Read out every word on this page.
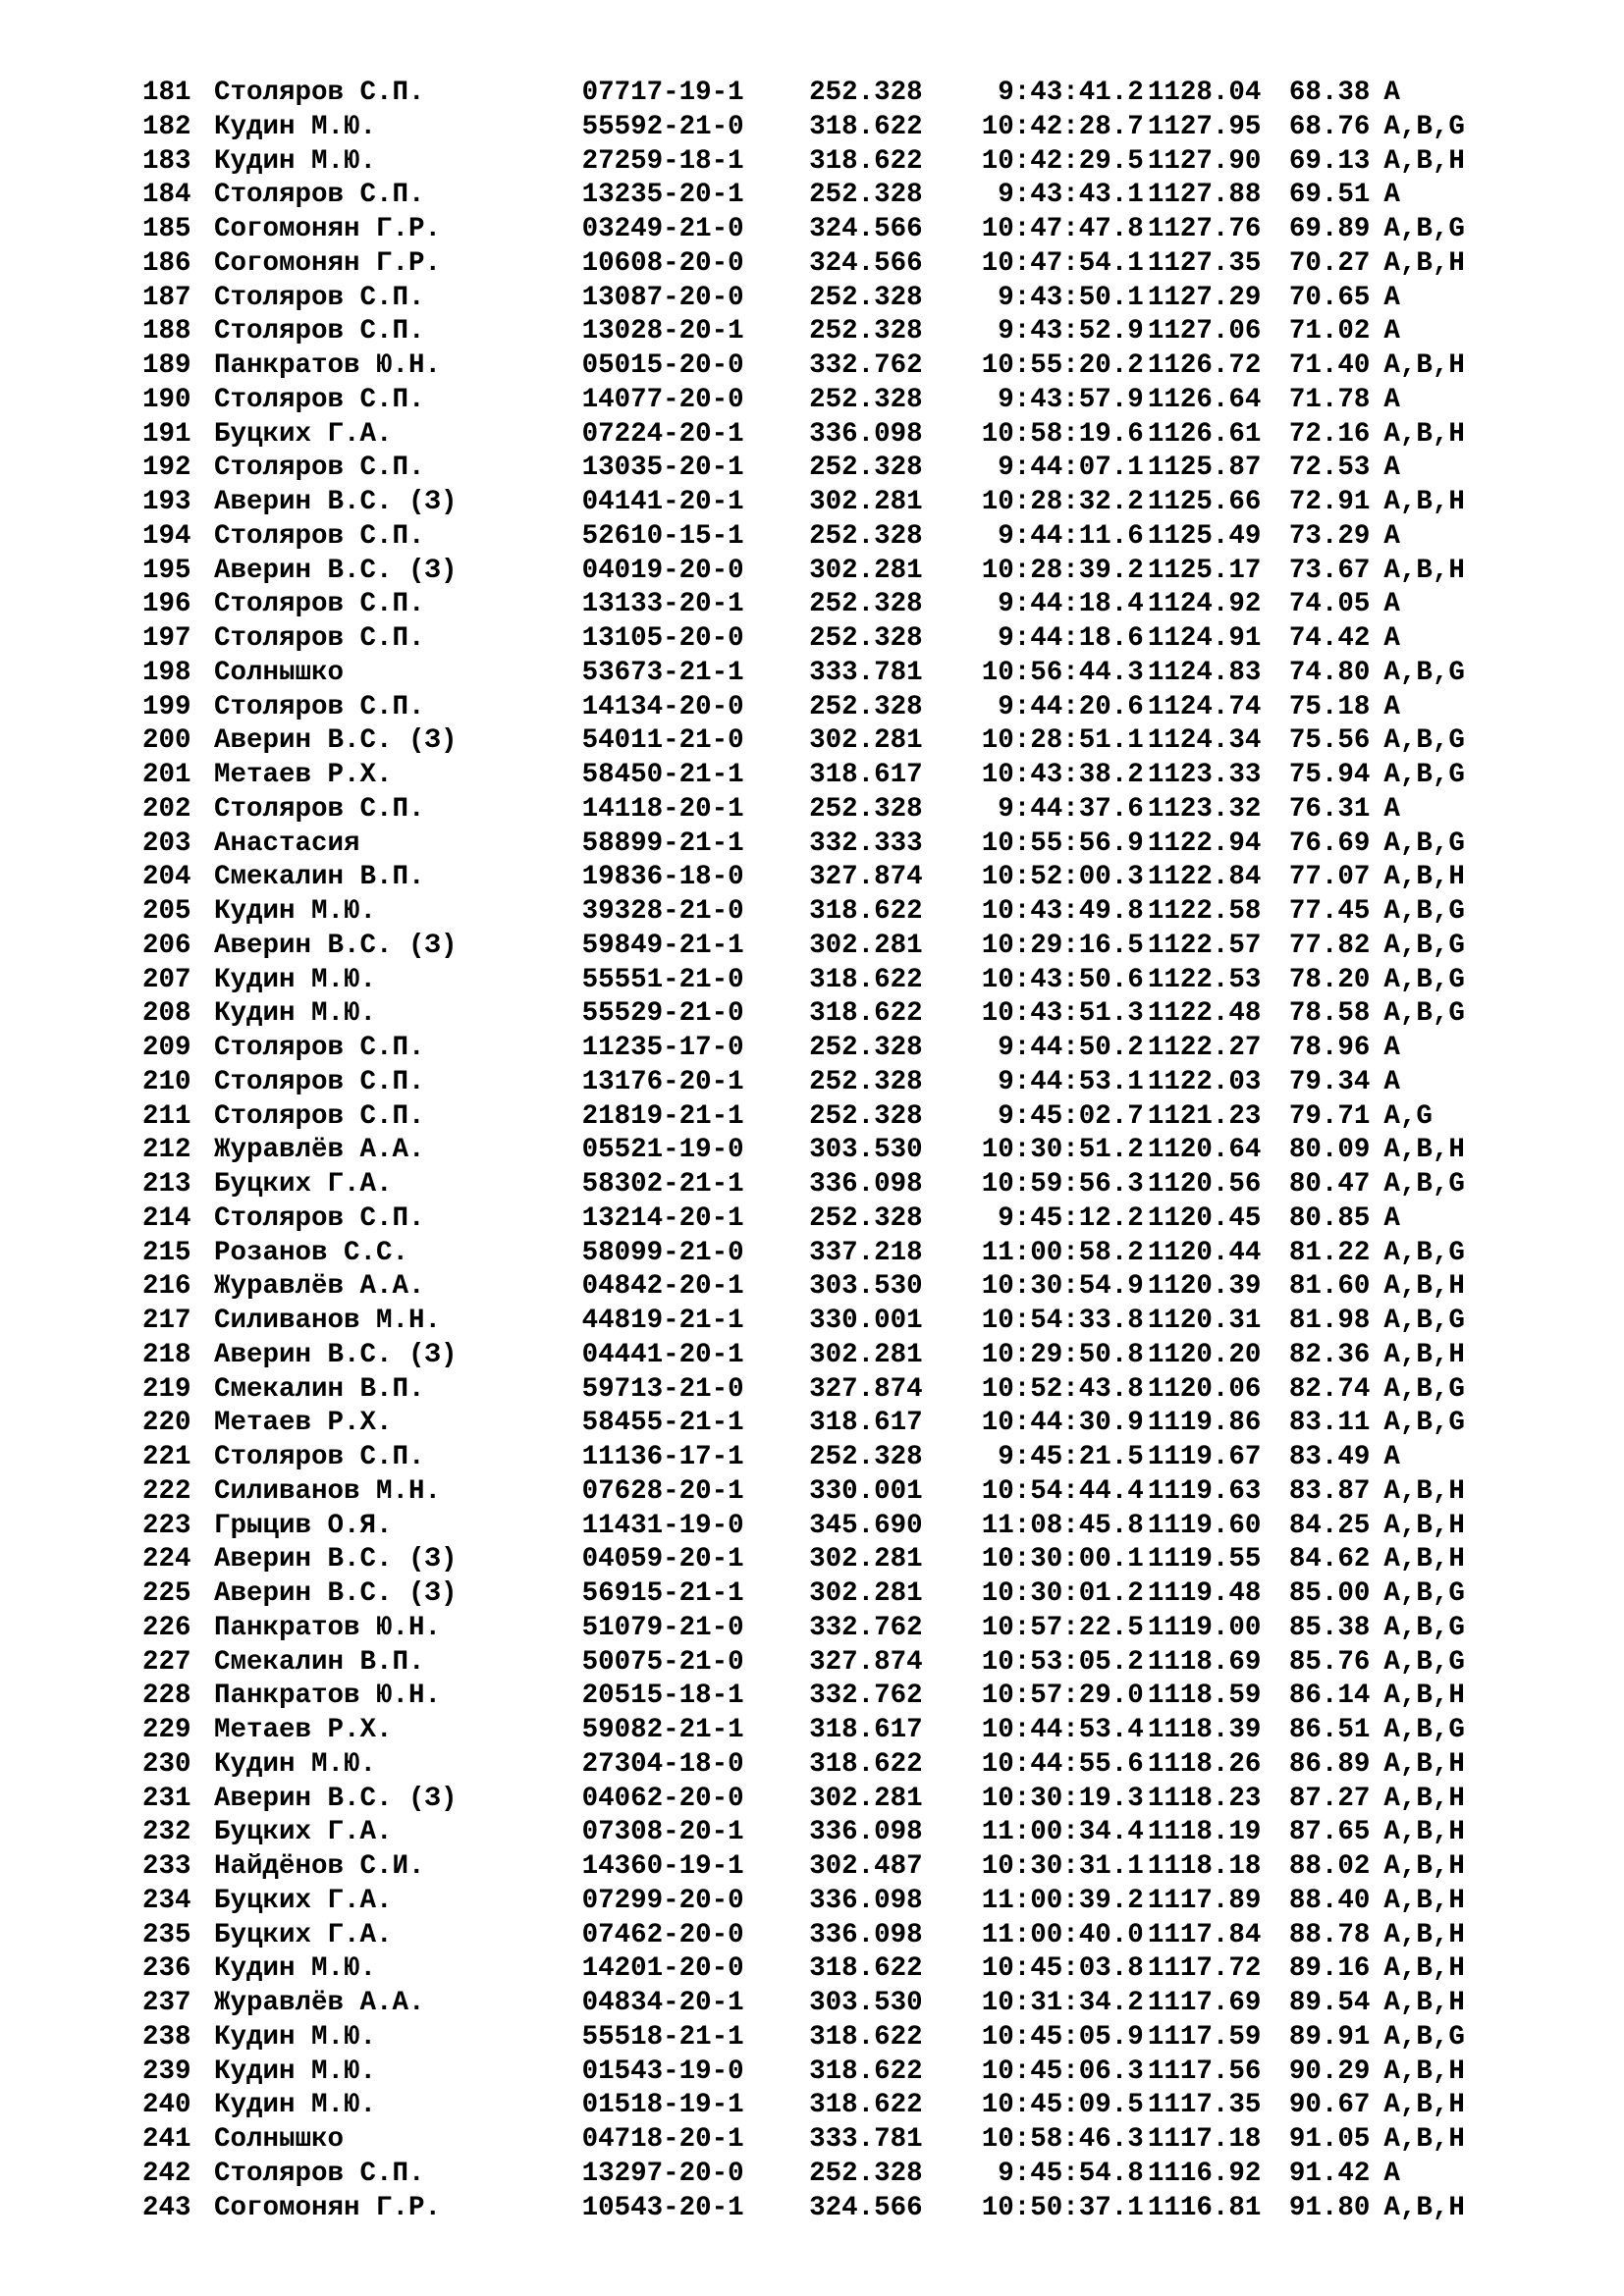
181 Столяров С.П.	07717-19-1	252.328	9:43:41.2 1128.04	68.38 A
182 Кудин М.Ю.	55592-21-0	318.622	10:42:28.7 1127.95	68.76 A,B,G
183 Кудин М.Ю.	27259-18-1	318.622	10:42:29.5 1127.90	69.13 A,B,H
184 Столяров С.П.	13235-20-1	252.328	9:43:43.1 1127.88	69.51 A
185 Согомонян Г.Р.	03249-21-0	324.566	10:47:47.8 1127.76	69.89 A,B,G
186 Согомонян Г.Р.	10608-20-0	324.566	10:47:54.1 1127.35	70.27 A,B,H
187 Столяров С.П.	13087-20-0	252.328	9:43:50.1 1127.29	70.65 A
188 Столяров С.П.	13028-20-1	252.328	9:43:52.9 1127.06	71.02 A
189 Панкратов Ю.Н.	05015-20-0	332.762	10:55:20.2 1126.72	71.40 A,B,H
190 Столяров С.П.	14077-20-0	252.328	9:43:57.9 1126.64	71.78 A
191 Буцких Г.А.	07224-20-1	336.098	10:58:19.6 1126.61	72.16 A,B,H
192 Столяров С.П.	13035-20-1	252.328	9:44:07.1 1125.87	72.53 A
193 Аверин В.С. (З)	04141-20-1	302.281	10:28:32.2 1125.66	72.91 A,B,H
194 Столяров С.П.	52610-15-1	252.328	9:44:11.6 1125.49	73.29 A
195 Аверин В.С. (З)	04019-20-0	302.281	10:28:39.2 1125.17	73.67 A,B,H
196 Столяров С.П.	13133-20-1	252.328	9:44:18.4 1124.92	74.05 A
197 Столяров С.П.	13105-20-0	252.328	9:44:18.6 1124.91	74.42 A
198 Солнышко	53673-21-1	333.781	10:56:44.3 1124.83	74.80 A,B,G
199 Столяров С.П.	14134-20-0	252.328	9:44:20.6 1124.74	75.18 A
200 Аверин В.С. (З)	54011-21-0	302.281	10:28:51.1 1124.34	75.56 A,B,G
201 Метаев Р.Х.	58450-21-1	318.617	10:43:38.2 1123.33	75.94 A,B,G
202 Столяров С.П.	14118-20-1	252.328	9:44:37.6 1123.32	76.31 A
203 Анастасия	58899-21-1	332.333	10:55:56.9 1122.94	76.69 A,B,G
204 Смекалин В.П.	19836-18-0	327.874	10:52:00.3 1122.84	77.07 A,B,H
205 Кудин М.Ю.	39328-21-0	318.622	10:43:49.8 1122.58	77.45 A,B,G
206 Аверин В.С. (З)	59849-21-1	302.281	10:29:16.5 1122.57	77.82 A,B,G
207 Кудин М.Ю.	55551-21-0	318.622	10:43:50.6 1122.53	78.20 A,B,G
208 Кудин М.Ю.	55529-21-0	318.622	10:43:51.3 1122.48	78.58 A,B,G
209 Столяров С.П.	11235-17-0	252.328	9:44:50.2 1122.27	78.96 A
210 Столяров С.П.	13176-20-1	252.328	9:44:53.1 1122.03	79.34 A
211 Столяров С.П.	21819-21-1	252.328	9:45:02.7 1121.23	79.71 A,G
212 Журавлёв А.А.	05521-19-0	303.530	10:30:51.2 1120.64	80.09 A,B,H
213 Буцких Г.А.	58302-21-1	336.098	10:59:56.3 1120.56	80.47 A,B,G
214 Столяров С.П.	13214-20-1	252.328	9:45:12.2 1120.45	80.85 A
215 Розанов С.С.	58099-21-0	337.218	11:00:58.2 1120.44	81.22 A,B,G
216 Журавлёв А.А.	04842-20-1	303.530	10:30:54.9 1120.39	81.60 A,B,H
217 Силиванов М.Н.	44819-21-1	330.001	10:54:33.8 1120.31	81.98 A,B,G
218 Аверин В.С. (З)	04441-20-1	302.281	10:29:50.8 1120.20	82.36 A,B,H
219 Смекалин В.П.	59713-21-0	327.874	10:52:43.8 1120.06	82.74 A,B,G
220 Метаев Р.Х.	58455-21-1	318.617	10:44:30.9 1119.86	83.11 A,B,G
221 Столяров С.П.	11136-17-1	252.328	9:45:21.5 1119.67	83.49 A
222 Силиванов М.Н.	07628-20-1	330.001	10:54:44.4 1119.63	83.87 A,B,H
223 Грыцив О.Я.	11431-19-0	345.690	11:08:45.8 1119.60	84.25 A,B,H
224 Аверин В.С. (З)	04059-20-1	302.281	10:30:00.1 1119.55	84.62 A,B,H
225 Аверин В.С. (З)	56915-21-1	302.281	10:30:01.2 1119.48	85.00 A,B,G
226 Панкратов Ю.Н.	51079-21-0	332.762	10:57:22.5 1119.00	85.38 A,B,G
227 Смекалин В.П.	50075-21-0	327.874	10:53:05.2 1118.69	85.76 A,B,G
228 Панкратов Ю.Н.	20515-18-1	332.762	10:57:29.0 1118.59	86.14 A,B,H
229 Метаев Р.Х.	59082-21-1	318.617	10:44:53.4 1118.39	86.51 A,B,G
230 Кудин М.Ю.	27304-18-0	318.622	10:44:55.6 1118.26	86.89 A,B,H
231 Аверин В.С. (З)	04062-20-0	302.281	10:30:19.3 1118.23	87.27 A,B,H
232 Буцких Г.А.	07308-20-1	336.098	11:00:34.4 1118.19	87.65 A,B,H
233 Найдёнов С.И.	14360-19-1	302.487	10:30:31.1 1118.18	88.02 A,B,H
234 Буцких Г.А.	07299-20-0	336.098	11:00:39.2 1117.89	88.40 A,B,H
235 Буцких Г.А.	07462-20-0	336.098	11:00:40.0 1117.84	88.78 A,B,H
236 Кудин М.Ю.	14201-20-0	318.622	10:45:03.8 1117.72	89.16 A,B,H
237 Журавлёв А.А.	04834-20-1	303.530	10:31:34.2 1117.69	89.54 A,B,H
238 Кудин М.Ю.	55518-21-1	318.622	10:45:05.9 1117.59	89.91 A,B,G
239 Кудин М.Ю.	01543-19-0	318.622	10:45:06.3 1117.56	90.29 A,B,H
240 Кудин М.Ю.	01518-19-1	318.622	10:45:09.5 1117.35	90.67 A,B,H
241 Солнышко	04718-20-1	333.781	10:58:46.3 1117.18	91.05 A,B,H
242 Столяров С.П.	13297-20-0	252.328	9:45:54.8 1116.92	91.42 A
243 Согомонян Г.Р.	10543-20-1	324.566	10:50:37.1 1116.81	91.80 A,B,H
